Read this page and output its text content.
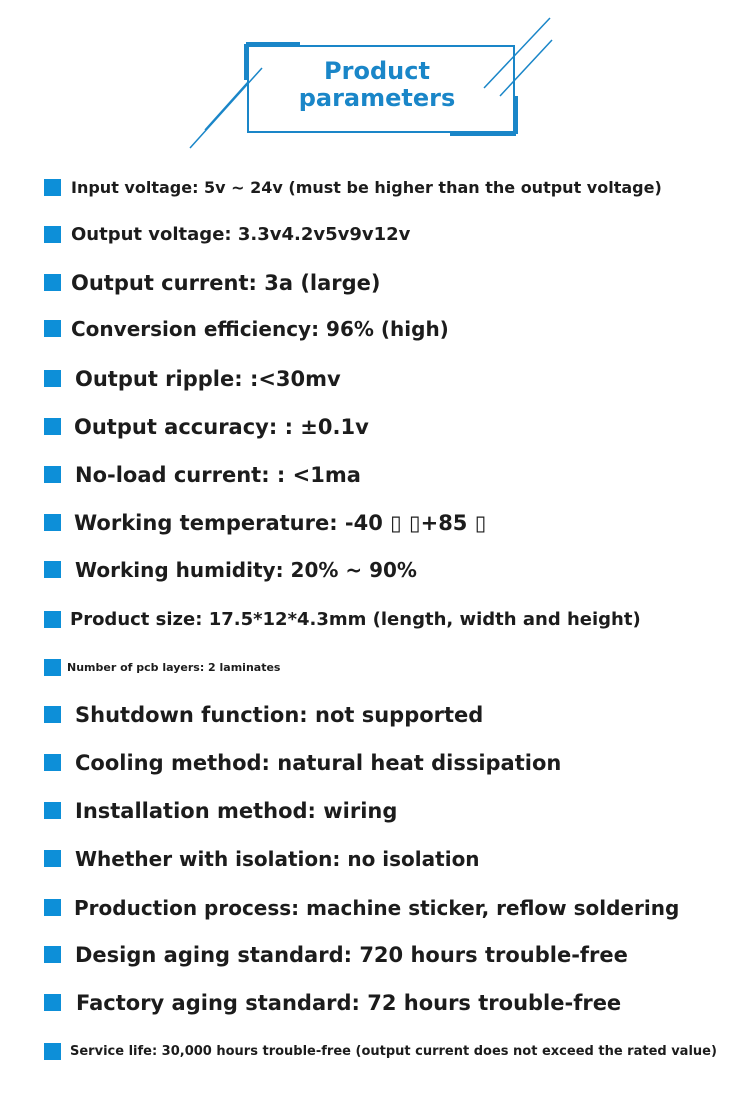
Product
parameters
Input voltage: 5v ~ 24v (must be higher than the output voltage)
Output voltage: 3.3v4.2v5v9v12v
Output current: 3a (large)
Conversion efficiency: 96% (high)
Output ripple: :<30mv
Output accuracy: : ±0.1v
No-load current: : <1ma
Working temperature: -40 ▯ ▯+85 ▯
Working humidity: 20% ~ 90%
Product size: 17.5*12*4.3mm (length, width and height)
Number of pcb layers: 2 laminates
Shutdown function: not supported
Cooling method: natural heat dissipation
Installation method: wiring
Whether with isolation: no isolation
Production process: machine sticker, reflow soldering
Design aging standard: 720 hours trouble-free
Factory aging standard: 72 hours trouble-free
Service life: 30,000 hours trouble-free (output current does not exceed the rated value)
